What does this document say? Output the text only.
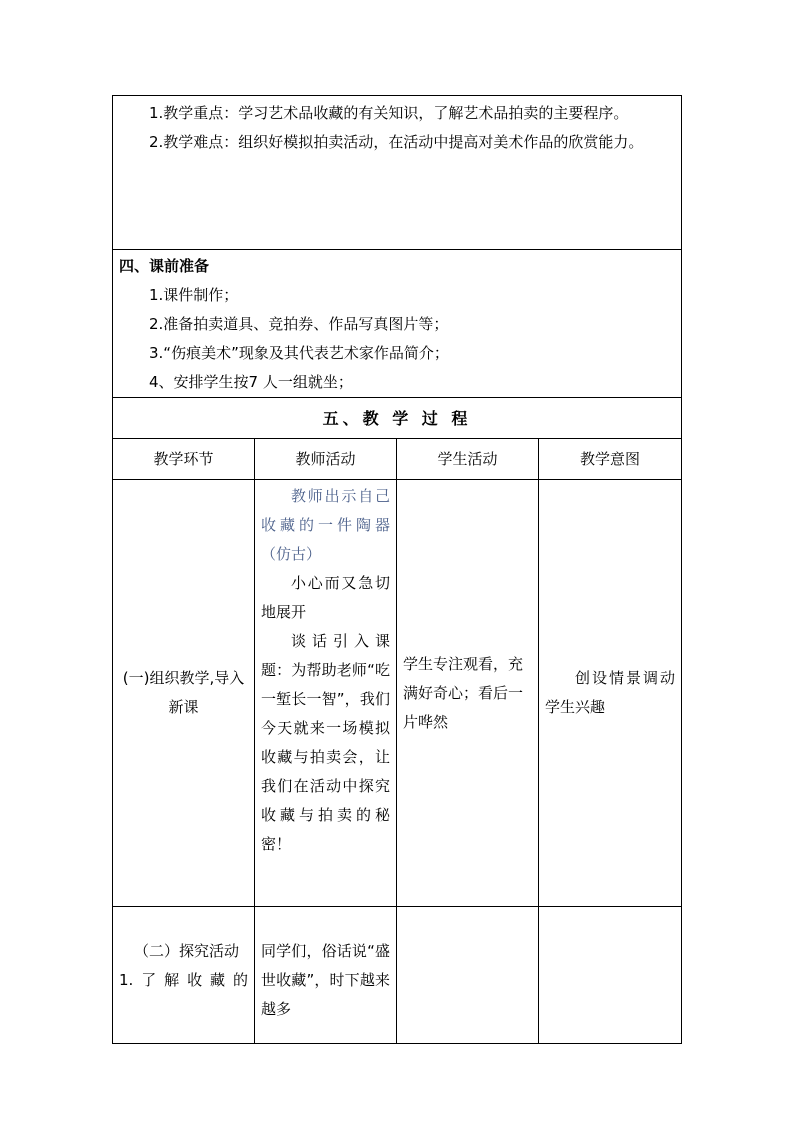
1.教学重点：学习艺术品收藏的有关知识，了解艺术品拍卖的主要程序。

2.教学难点：组织好模拟拍卖活动，在活动中提高对美术作品的欣赏能力。			

四、课前准备

1.课件制作；

2.准备拍卖道具、竞拍券、作品写真图片等；

3.“伤痕美术”现象及其代表艺术家作品简介；

4、安排学生按7 人一组就坐；			

五、教 学 过 程			
教学环节	教师活动	学生活动	教学意图
(一)组织教学,导入新课	教师出示自己收藏的一件陶器（仿古）

小心而又急切地展开

谈话引入课题：为帮助老师“吃一堑长一智”，我们今天就来一场模拟收藏与拍卖会，让我们在活动中探究收藏与拍卖的秘密！	学生专注观看，充满好奇心；看后一片哗然	创设情景调动学生兴趣

（二）探究活动

1.了解收藏的	同学们，俗话说“盛世收藏”，时下越来越多		
